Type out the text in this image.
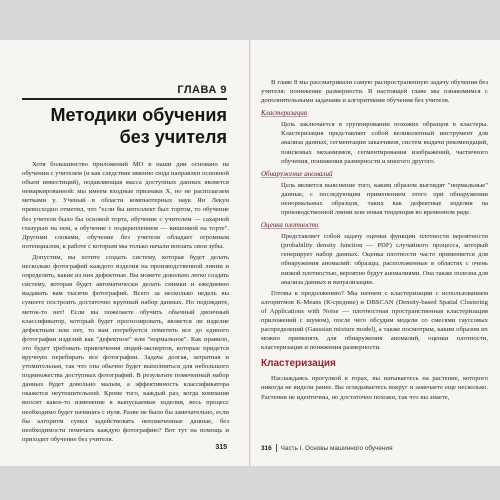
ГЛАВА 9
Методики обучения без учителя

Хотя большинство приложений МО в наши дни основано на обучении с учителем (и как следствие именно сюда направлен основной объем инвестиций), подавляющая масса доступных данных является немаркированной: мы имеем входные признаки X, но не располагаем метками y. Ученый в области компьютерных наук Ян Лекун превосходно отметил, что "если бы интеллект был тортом, то обучение без учителя было бы основой торта, обучение с учителем — сахарной глазурью на нем, а обучение с подкреплением — вишенкой на торте". Другими словами, обучение без учителя обладает огромным потенциалом, к работе с которым мы только начали вонзать свои зубы.

Допустим, вы хотите создать систему, которая будет делать несколько фотографий каждого изделия на производственной линии и определять, какие из них дефектные. Вы можете довольно легко создать систему, которая будет автоматически делать снимки и ежедневно выдавать вам тысячи фотографий. Всего за несколько недель вы сумеете построить достаточно крупный набор данных. Но подождите, меток-то нет! Если вы пожелаете обучить обычный двоичный классификатор, который будет прогнозировать, является ли изделие дефектным или нет, то вам потребуется пометить все до единого фотографии изделий как "дефектное" или "нормальное". Как правило, это будет требовать привлечения людей-экспертов, которые придется вручную перебирать все фотографии. Задача долгая, затратная и утомительная, так что она обычно будет выполняться для небольшого подмножества доступных фотографий. В результате помеченный набор данных будет довольно малым, а эффективность классификатора окажется неутешительной. Кроме того, каждый раз, когда компания вносит какое-то изменение в выпускаемые изделия, весь процесс необходимо будет начинать с нуля. Разве не было бы замечательно, если бы алгоритм сумел задействовать непомеченные данные, без необходимости помечать каждую фотографию? Вот тут на помощь и приходит обучение без учителя.

315

В главе 8 мы рассматривали самую распространенную задачу обучения без учителя: понижение размерности. В настоящей главе мы ознакомимся с дополнительными задачами и алгоритмами обучения без учителя.

Кластеризация

Цель заключается в группировании похожих образцов в кластеры. Кластеризация представляет собой великолепный инструмент для анализа данных, сегментации заказчиков, систем выдачи рекомендаций, поисковых механизмов, сегментирования изображений, частичного обучения, понижения размерности и многого другого.

Обнаружение аномалий

Цель является выяснение того, каким образом выглядят "нормальные" данные, с последующим применением этого при обнаружении ненормальных образцов, таких как дефектные изделия на производственной линии или новая тенденция во временном ряде.

Оценка плотности

Представляет собой задачу оценки функции плотности вероятности (probability density function — PDF) случайного процесса, который генерирует набор данных. Оценка плотности часто применяется для обнаружения аномалий: образцы, расположенные в областях с очень низкой плотностью, вероятно будут аномалиями. Она также полезна для анализа данных и визуализации.

Готовы к продолжению? Мы начнем с кластеризации с использованием алгоритмов K-Means (K-средние) и DBSCAN (Density-based Spatial Clustering of Applications with Noise — плотностная пространственная кластеризация приложений с шумом), после чего обсудим модели со смесями гауссовых распределений (Gaussian mixture model), а также посмотрим, каким образом их можно применять для обнаружения аномалий, оценки плотности, кластеризации и понижения размерности.

Кластеризация

Наслаждаясь прогулкой в горах, вы натыкаетесь на растение, которого никогда не видели ранее. Вы оглядываетесь вокруг и замечаете еще несколько. Растения не идентичны, но достаточно похожи, так что вы знаете,

316 Часть I. Основы машинного обучения
